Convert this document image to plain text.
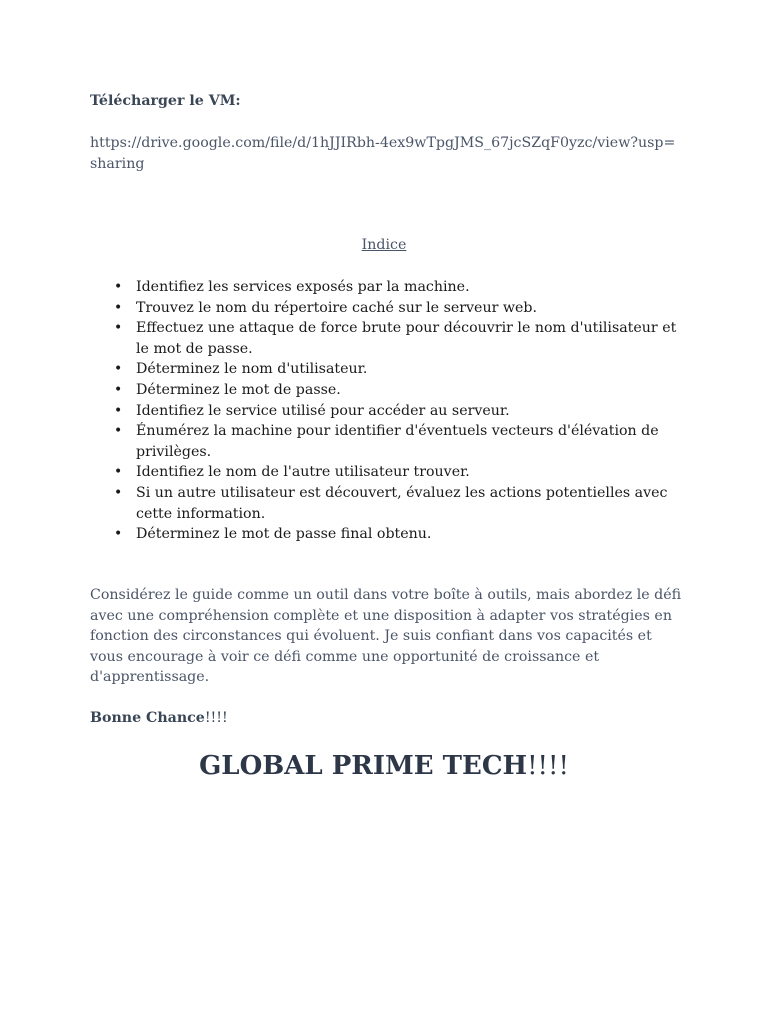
Télécharger le VM:
https://drive.google.com/file/d/1hJJIRbh-4ex9wTpgJMS_67jcSZqF0yzc/view?usp=sharing
Indice
• Identifiez les services exposés par la machine.
• Trouvez le nom du répertoire caché sur le serveur web.
• Effectuez une attaque de force brute pour découvrir le nom d'utilisateur et le mot de passe.
• Déterminez le nom d'utilisateur.
• Déterminez le mot de passe.
• Identifiez le service utilisé pour accéder au serveur.
• Énumérez la machine pour identifier d'éventuels vecteurs d'élévation de privilèges.
• Identifiez le nom de l'autre utilisateur trouver.
• Si un autre utilisateur est découvert, évaluez les actions potentielles avec cette information.
• Déterminez le mot de passe final obtenu.
Considérez le guide comme un outil dans votre boîte à outils, mais abordez le défi avec une compréhension complète et une disposition à adapter vos stratégies en fonction des circonstances qui évoluent. Je suis confiant dans vos capacités et vous encourage à voir ce défi comme une opportunité de croissance et d'apprentissage.
Bonne Chance!!!!
GLOBAL PRIME TECH!!!!
